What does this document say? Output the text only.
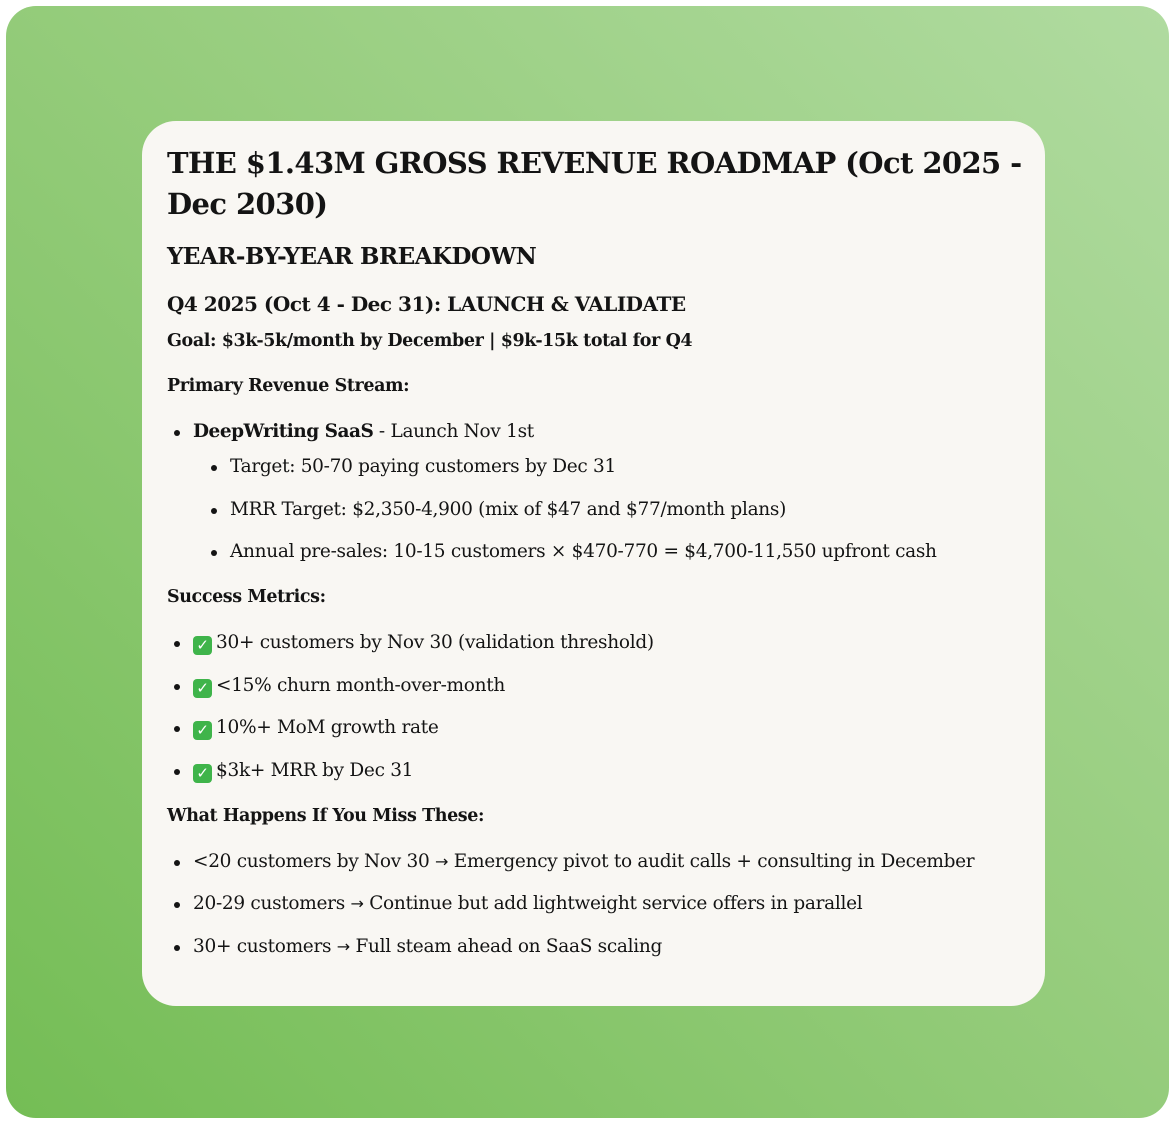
THE $1.43M GROSS REVENUE ROADMAP (Oct 2025 - Dec 2030)
YEAR-BY-YEAR BREAKDOWN
Q4 2025 (Oct 4 - Dec 31): LAUNCH & VALIDATE

Goal: $3k-5k/month by December | $9k-15k total for Q4

Primary Revenue Stream:

DeepWriting SaaS - Launch Nov 1st
Target: 50-70 paying customers by Dec 31
MRR Target: $2,350-4,900 (mix of $47 and $77/month plans)
Annual pre-sales: 10-15 customers × $470-770 = $4,700-11,550 upfront cash

Success Metrics:

✓ 30+ customers by Nov 30 (validation threshold)
✓ <15% churn month-over-month
✓ 10%+ MoM growth rate
✓ $3k+ MRR by Dec 31

What Happens If You Miss These:

<20 customers by Nov 30 → Emergency pivot to audit calls + consulting in December
20-29 customers → Continue but add lightweight service offers in parallel
30+ customers → Full steam ahead on SaaS scaling
